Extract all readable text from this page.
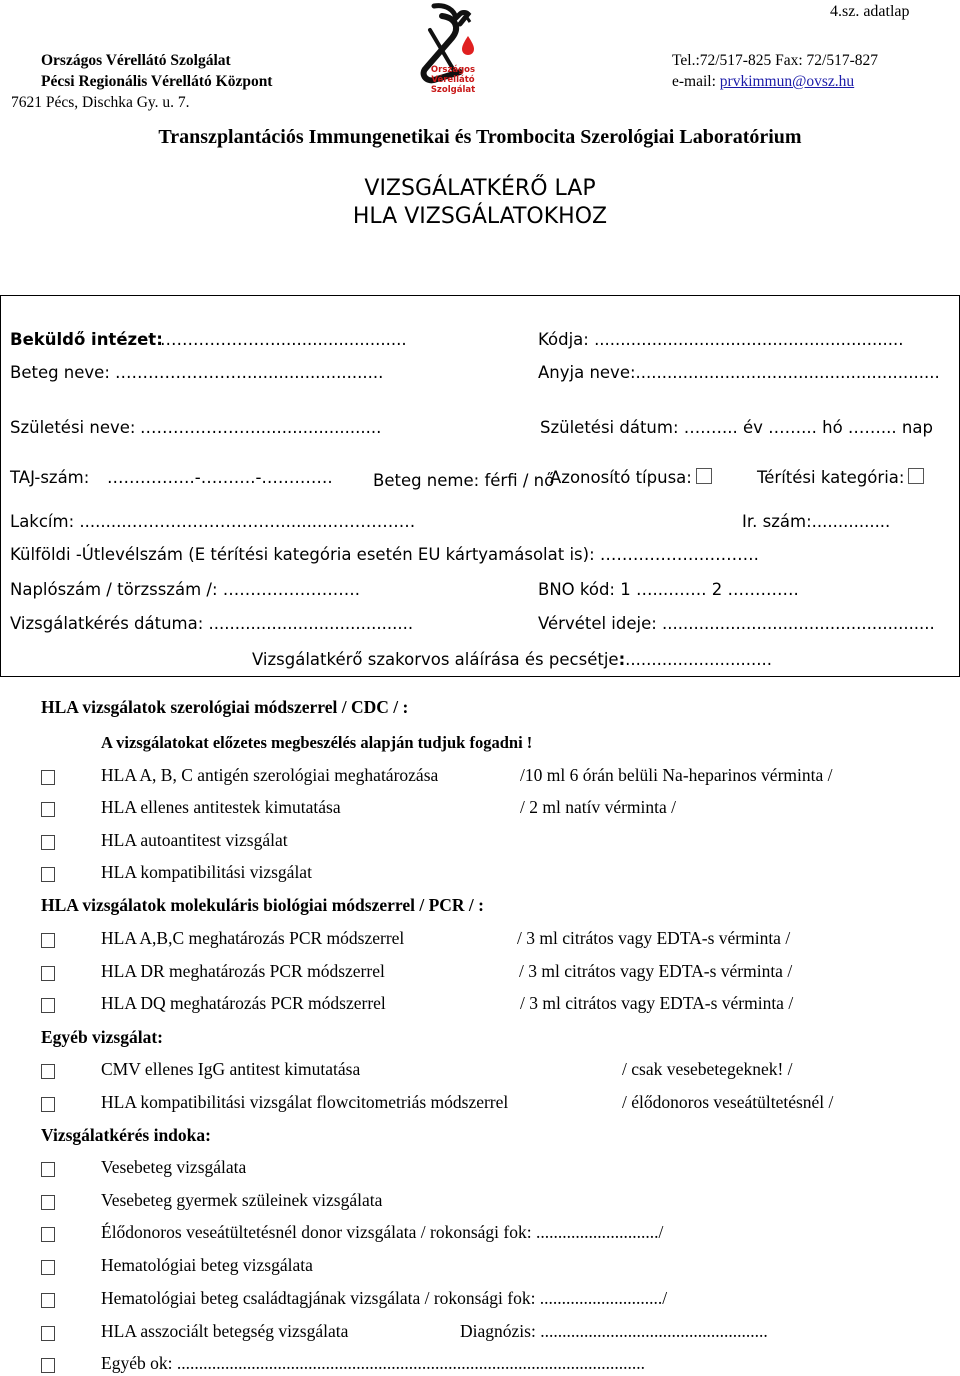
4.sz. adatlap
Országos Vérellátó Szolgálat
Pécsi Regionális Vérellátó Központ
7621 Pécs, Dischka Gy. u. 7.
Országos
Vérellátó
Szolgálat
Tel.:72/517-825 Fax: 72/517-827
e-mail: prvkimmun@ovsz.hu
Transzplantációs Immungenetikai és Trombocita Szerológiai Laboratórium
VIZSGÁLATKÉRŐ LAP
HLA VIZSGÁLATOKHOZ
Beküldő intézet:
………………….........................	Kódja: ...........................................................
Beteg neve: ……………………..........................	Anyja neve:..........................................................
Születési neve: …………………........................	Születési dátum: ….…... év ……... hó ……... nap
TAJ-szám: …………….-……….-…………. Beteg neme: férfi / nő
Azonosító típusa:	Térítési kategória:
Lakcím: ..........………………………..........……………	Ir. szám:...............
Külföldi -Útlevélszám (E térítési kategória esetén EU kártyamásolat is): ……………….……….
Naplószám / törzsszám /: …………………….	BNO kód: 1 …...……. 2 ………….
Vizsgálatkérés dátuma: .......................................	Vérvétel ideje: ....................................................
Vizsgálatkérő szakorvos aláírása és pecsétje:............................
HLA vizsgálatok szerológiai módszerrel / CDC / :
A vizsgálatokat előzetes megbeszélés alapján tudjuk fogadni !
HLA A, B, C antigén szerológiai meghatározása	/10 ml 6 órán belüli Na-heparinos vérminta /
HLA ellenes antitestek kimutatása	/ 2 ml natív vérminta /
HLA autoantitest vizsgálat
HLA kompatibilitási vizsgálat
HLA vizsgálatok molekuláris biológiai módszerrel / PCR / :
HLA A,B,C meghatározás PCR módszerrel	/ 3 ml citrátos vagy EDTA-s vérminta /
HLA DR meghatározás PCR módszerrel	/ 3 ml citrátos vagy EDTA-s vérminta /
HLA DQ meghatározás PCR módszerrel	/ 3 ml citrátos vagy EDTA-s vérminta /
Egyéb vizsgálat:
CMV ellenes IgG antitest kimutatása	/ csak vesebetegeknek! /
HLA kompatibilitási vizsgálat flowcitometriás módszerrel	/ élődonoros veseátültetésnél /
Vizsgálatkérés indoka:
Vesebeteg vizsgálata
Vesebeteg gyermek szüleinek vizsgálata
Élődonoros veseátültetésnél donor vizsgálata / rokonsági fok: ............................/
Hematológiai beteg vizsgálata
Hematológiai beteg családtagjának vizsgálata / rokonsági fok: ............................/
HLA asszociált betegség vizsgálata	Diagnózis: ....................................................
Egyéb ok: ...........................................................................................................
